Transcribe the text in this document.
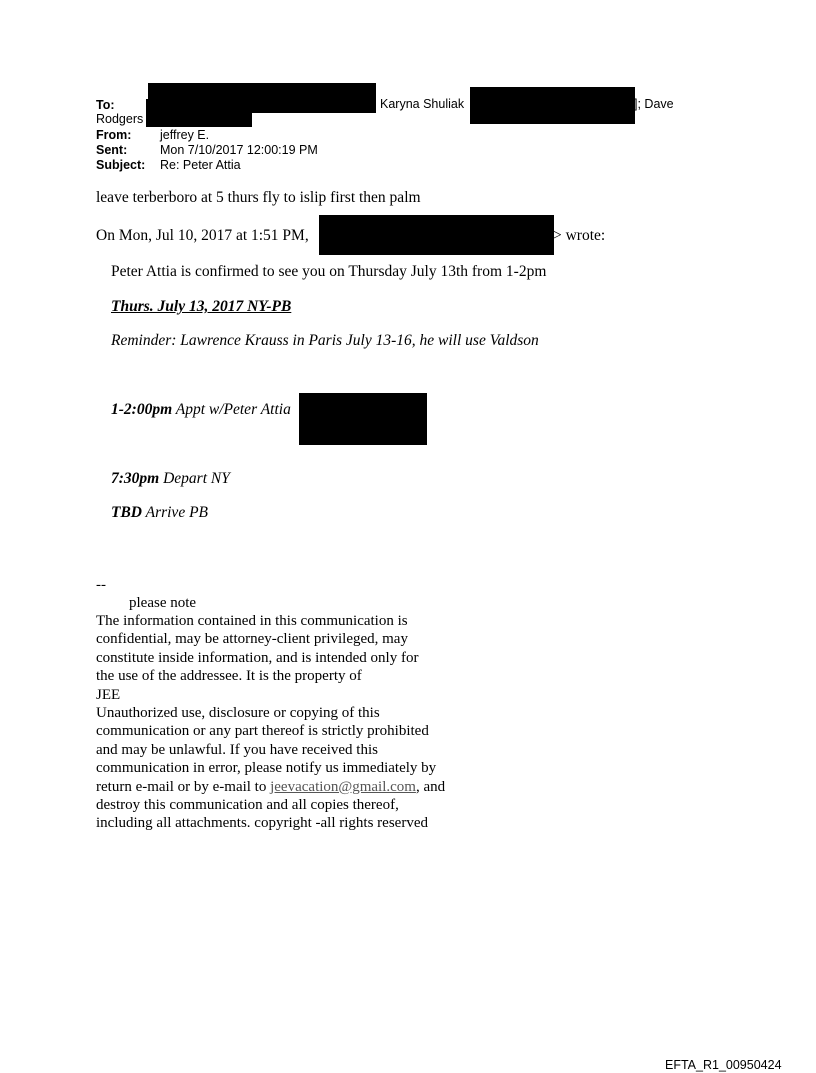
To:	Karyna Shuliak	]; Dave
Rodgers
From: jeffrey E.
Sent:	Mon 7/10/2017 12:00:19 PM
Subject: Re: Peter Attia
leave terberboro at 5 thurs fly to islip first then palm
On Mon, Jul 10, 2017 at 1:51 PM,	> wrote:
Peter Attia is confirmed to see you on Thursday July 13th from 1-2pm
Thurs. July 13, 2017 NY-PB
Reminder: Lawrence Krauss in Paris July 13-16, he will use Valdson
1-2:00pm Appt w/Peter Attia
7:30pm Depart NY
TBD Arrive PB
--
please note
The information contained in this communication is
confidential, may be attorney-client privileged, may
constitute inside information, and is intended only for
the use of the addressee. It is the property of
JEE
Unauthorized use, disclosure or copying of this
communication or any part thereof is strictly prohibited
and may be unlawful. If you have received this
communication in error, please notify us immediately by
return e-mail or by e-mail to jeevacation@gmail.com, and
destroy this communication and all copies thereof,
including all attachments. copyright -all rights reserved
EFTA_R1_00950424
